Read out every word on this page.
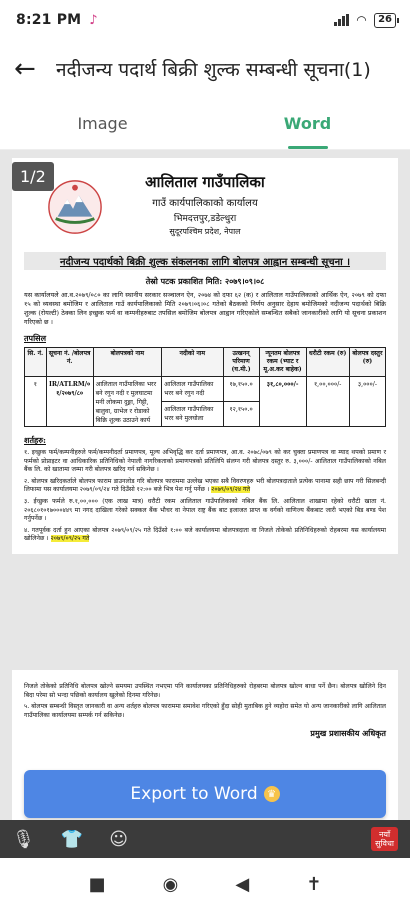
8:21 PM ♪	◠	26
←	नदीजन्य पदार्थ बिक्री शुल्क सम्बन्धी सूचना(1)
Image	Word
1/2	आलिताल गाउँपालिका
गाउँ कार्यपालिकाको कार्यालय
भिमदत्तपुर,डडेल्धुरा
सुदूरपश्चिम प्रदेश, नेपाल
नदीजन्य पदार्थको बिक्री शुल्क संकलनका लागि बोलपत्र आह्वान सम्बन्धी सूचना ।
तेस्रो पटक प्रकाशित मिति: २०७९।०९।०८
यस कार्यालयले आ.व.२०७९/०८० का लागि स्थानीय सरकार सञ्चालन ऐन, २०७४ को दफा ६२ (क) र आलिताल गाउँपालिकाको आर्थिक ऐन, २०७९ को दफा १५ को व्यवस्था बमोजिम र आलिताल गाउँ कार्यपालिकाको मिति २०७९।०६।०८ गतेको बैठकको निर्णय अनुसार देहाय बमोजिमको नदीजन्य पदार्थको बिक्रि शुल्क (रोयल्टी) ठेक्का लिन इच्छुक फर्म वा कम्पनीहरुबाट तपसिल बमोजिम बोलपत्र आह्वान गरिएकोले सम्बन्धित सबैको जानकारीको लागि यो सूचना प्रकाशन गरिएको छ ।
तपसिल
सि. नं.	सूचना नं. /बोलपत्र नं.	बोलपत्रको नाम	नदीको नाम	उत्खनन् परिमाण (घ.मी.)	न्यूनतम बोलपत्र रकम (भ्याट र मू.अ.कर बाहेक)	धरौटी रकम (रु)	बोलपत्र दस्तुर (रु)
१	IR/ATLRM/० १/२०७९/८०	आलिताल गाउँपालिका भरर बने रगुन नदी र मुलघाटमा मनी लोकमा दुङ्गा, गिट्टी, बालुवा, ग्राभेल र रोडाको बिक्रि शुल्क उठाउने कार्य	आलिताल गाउँपालिका भरर बने रगुन नदी	१७,१५०.०	३१,८०,०००/-	१,००,०००/-	३,०००/-
			आलिताल गाउँपालिका भरर बने मुलघोला	१२,१५०.०			
शर्तहरु:
१. इच्छुक फर्म/कम्पनीहरुले फर्म/कम्पनीदर्ता प्रमाणपत्र, मूल्य अभिवृद्धि कर दर्ता प्रमाणपत्र, आ.व. २०७८/०७९ को कर चुक्ता प्रमाणपत्र वा म्याद थपको प्रमाण र फर्मको प्रोप्राइटर वा आधिकारिक प्रतिनिधिको नेपाली नागरिकताको प्रमाणपत्रको प्रतिलिपि संलग्न गरी बोलपत्र दस्तुर रु. ३,०००/- आलिताल गाउँपालिकाको नबिल बैंक लि. को खातामा जम्मा गरी बोलपत्र खरिद गर्न सकिनेछ ।
२. बोलपत्र खरिदकर्ताले बोलपत्र फाराम डाउनलोड गरि बोलपत्र फाराममा उल्लेख भएका सबै विवरणहरु भरी बोलपत्रदाताले प्रत्येक पानामा सही छाप गरी सिलबन्दी लिफामा यस कार्यालयमा २०७९/०९/२४ गते दिउँसो १२:०० बजे भित्र पेश गर्नु पर्नेछ । २०७९/०९/२४ गते
३. ईच्छुक फर्मले रु.१,००,००० (एक लाख मात्र) धरौटी रकम आलिताल गाउँपालिकाको नबिल बैंक लि. आलिताल शाखामा रहेको धरौटी खाता नं. २०६८०१०१७०००४४९ मा नगद दाखिला गरेको सक्कल बैंक भौचर वा नेपाल राष्ट्र बैंक बाट इजाजत प्राप्त क वर्गको वाणिज्य बैंकबाट जारी भएको बिड बण्ड पेश गर्नुपर्नेछ ।
४. गतपूर्वक दर्ता हुन आएका बोलपत्र २०७९/०९/२५ गते दिउँसो १:०० बजे कार्यालयमा बोलपत्रदाता वा निजले तोकेको प्रतिनिधिहरुको रोहबरमा यस कार्यालयमा खोलिनेछ । २०७९/०९/२५ गते
निजले तोकेको प्रतिनिधि बोलपत्र खोल्ने समयमा उपस्थित नभएमा पनि कार्यालयका प्रतिनिधिहरुको रोहबरमा बोलपत्र खोल्न बाधा पर्ने छैन। बोलपत्र खोलिने दिन बिदा परेमा सो भन्दा पछिको कार्यालय खुलेको दिनमा गरिनेछ।
५. बोलपत्र सम्बन्धी विस्तृत जानकारी वा अन्य शर्तहरु बोलपत्र फाराममा समावेश गरिएको हुँदा सोही मुताबिक हुने व्यहोरा समेत यो अन्य जानकारीको लागि आलिताल गाउँपालिका कार्यालयमा सम्पर्क गर्न सकिनेछ।
प्रमुख प्रशासकीय अधिकृत
Export to Word ♛
🎙 👕 ☺	नयाँ
सुविधा
■	◉	◀	✝
